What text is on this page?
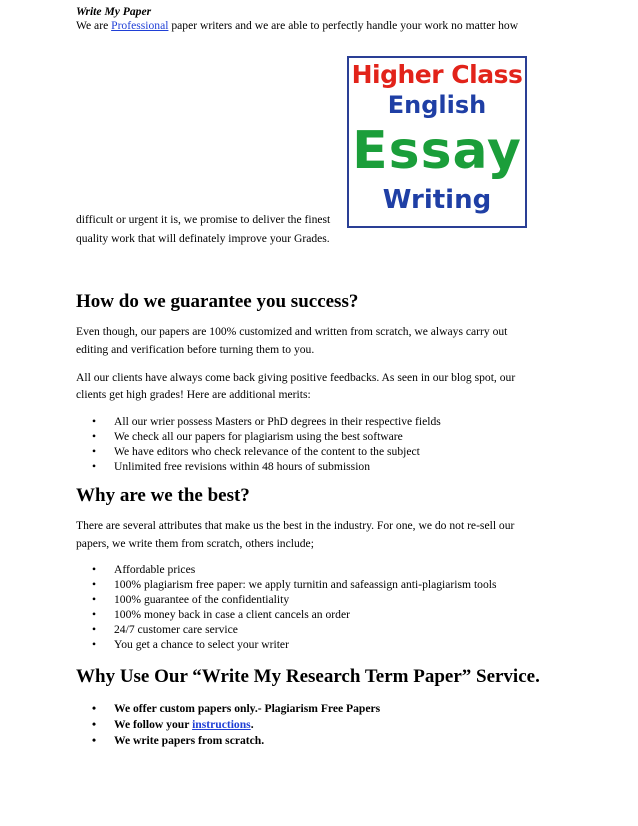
Write My Paper
We are Professional paper writers and we are able to perfectly handle your work no matter how
Higher Class
English
Essay
Writing
difficult or urgent it is, we promise to deliver the finest
quality work that will definately improve your Grades.
How do we guarantee you success?
Even though, our papers are 100% customized and written from scratch, we always carry out
editing and verification before turning them to you.
All our clients have always come back giving positive feedbacks. As seen in our blog spot, our
clients get high grades! Here are additional merits:
• All our wrier possess Masters or PhD degrees in their respective fields
• We check all our papers for plagiarism using the best software
• We have editors who check relevance of the content to the subject
• Unlimited free revisions within 48 hours of submission
Why are we the best?
There are several attributes that make us the best in the industry. For one, we do not re-sell our
papers, we write them from scratch, others include;
• Affordable prices
• 100% plagiarism free paper: we apply turnitin and safeassign anti-plagiarism tools
• 100% guarantee of the confidentiality
• 100% money back in case a client cancels an order
• 24/7 customer care service
• You get a chance to select your writer
Why Use Our “Write My Research Term Paper” Service.
• We offer custom papers only.- Plagiarism Free Papers
• We follow your instructions.
• We write papers from scratch.
